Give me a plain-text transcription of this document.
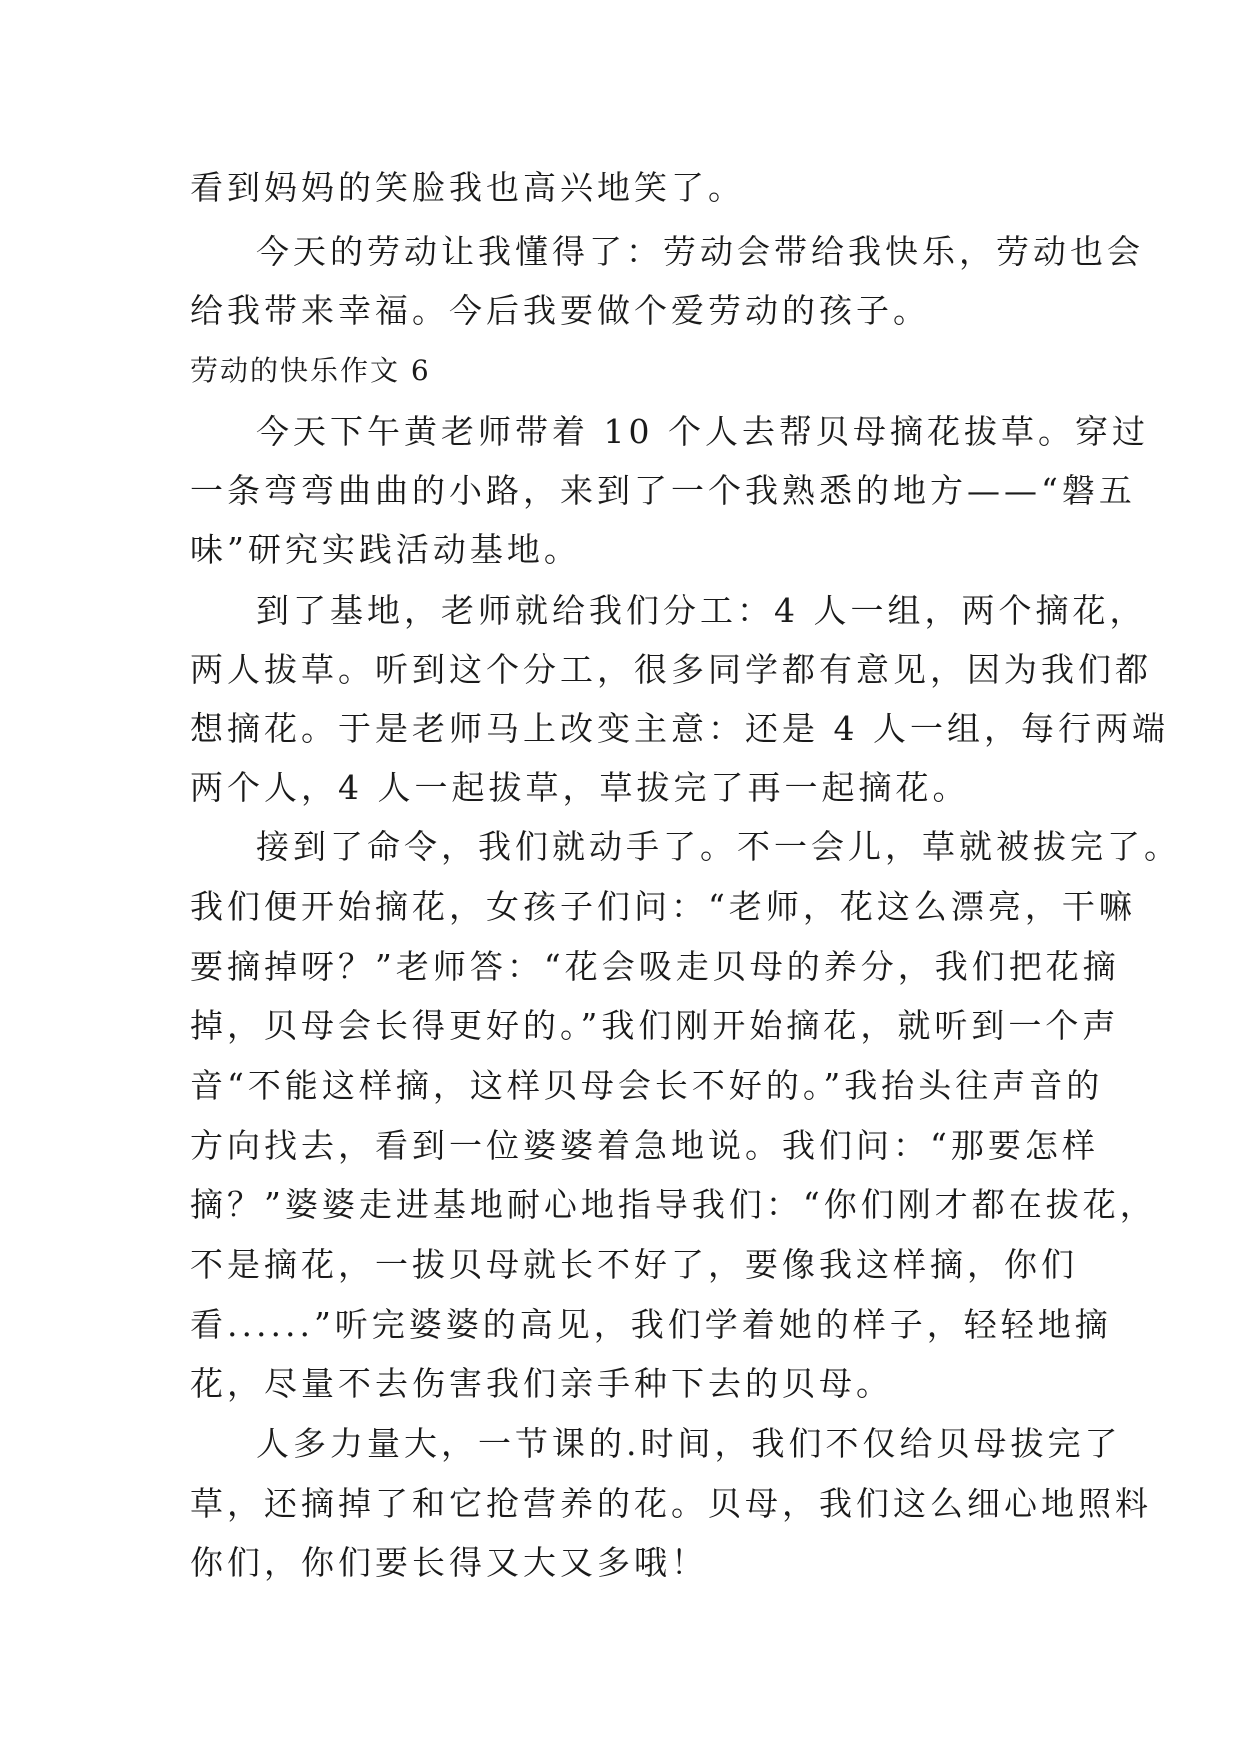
看到妈妈的笑脸我也高兴地笑了。
今天的劳动让我懂得了：劳动会带给我快乐，劳动也会
给我带来幸福。今后我要做个爱劳动的孩子。
劳动的快乐作文 6
今天下午黄老师带着 10 个人去帮贝母摘花拔草。穿过
一条弯弯曲曲的小路，来到了一个我熟悉的地方——“磐五
味”研究实践活动基地。
到了基地，老师就给我们分工：4 人一组，两个摘花，
两人拔草。听到这个分工，很多同学都有意见，因为我们都
想摘花。于是老师马上改变主意：还是 4 人一组，每行两端
两个人，4 人一起拔草，草拔完了再一起摘花。
接到了命令，我们就动手了。不一会儿，草就被拔完了。
我们便开始摘花，女孩子们问：“老师，花这么漂亮，干嘛
要摘掉呀？”老师答：“花会吸走贝母的养分，我们把花摘
掉，贝母会长得更好的。”我们刚开始摘花，就听到一个声
音“不能这样摘，这样贝母会长不好的。”我抬头往声音的
方向找去，看到一位婆婆着急地说。我们问：“那要怎样
摘？”婆婆走进基地耐心地指导我们：“你们刚才都在拔花，
不是摘花，一拔贝母就长不好了，要像我这样摘，你们
看......”听完婆婆的高见，我们学着她的样子，轻轻地摘
花，尽量不去伤害我们亲手种下去的贝母。
人多力量大，一节课的.时间，我们不仅给贝母拔完了
草，还摘掉了和它抢营养的花。贝母，我们这么细心地照料
你们，你们要长得又大又多哦！
